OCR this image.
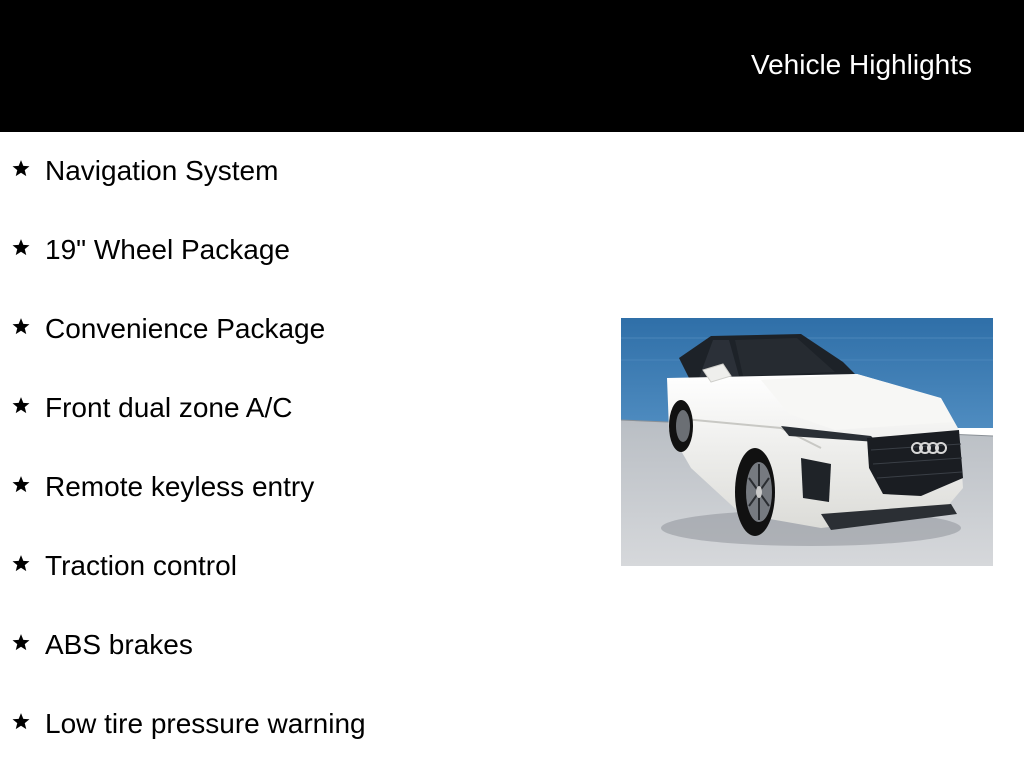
Vehicle Highlights
Navigation System
19" Wheel Package
Convenience Package
Front dual zone A/C
Remote keyless entry
Traction control
ABS brakes
Low tire pressure warning
